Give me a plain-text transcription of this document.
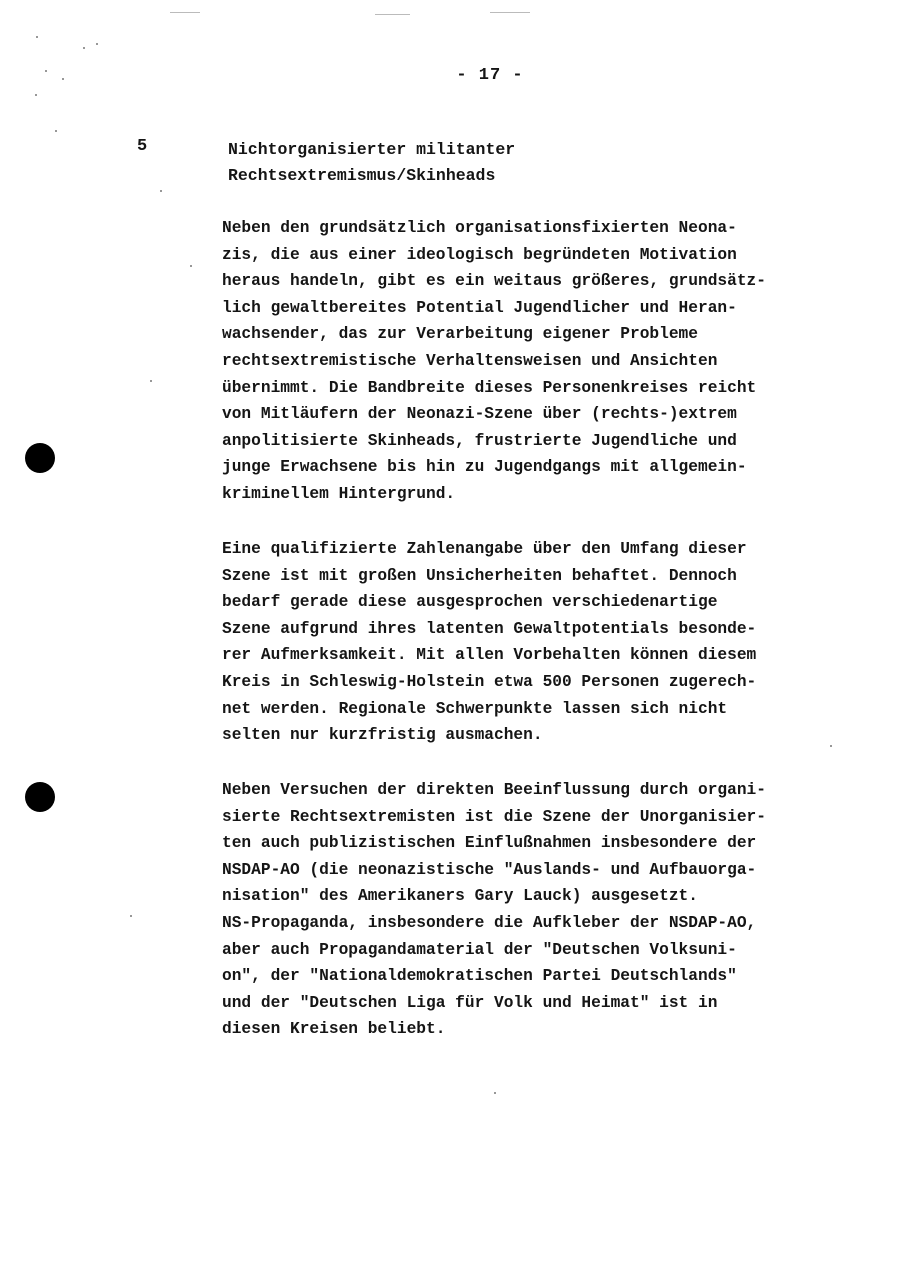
- 17 -
5	Nichtorganisierter militanter
Rechtsextremismus/Skinheads
Neben den grundsätzlich organisationsfixierten Neona-
zis, die aus einer ideologisch begründeten Motivation
heraus handeln, gibt es ein weitaus größeres, grundsätz-
lich gewaltbereites Potential Jugendlicher und Heran-
wachsender, das zur Verarbeitung eigener Probleme
rechtsextremistische Verhaltensweisen und Ansichten
übernimmt. Die Bandbreite dieses Personenkreises reicht
von Mitläufern der Neonazi-Szene über (rechts-)extrem
anpolitisierte Skinheads, frustrierte Jugendliche und
junge Erwachsene bis hin zu Jugendgangs mit allgemein-
kriminellem Hintergrund.
Eine qualifizierte Zahlenangabe über den Umfang dieser
Szene ist mit großen Unsicherheiten behaftet. Dennoch
bedarf gerade diese ausgesprochen verschiedenartige
Szene aufgrund ihres latenten Gewaltpotentials besonde-
rer Aufmerksamkeit. Mit allen Vorbehalten können diesem
Kreis in Schleswig-Holstein etwa 500 Personen zugerech-
net werden. Regionale Schwerpunkte lassen sich nicht
selten nur kurzfristig ausmachen.
Neben Versuchen der direkten Beeinflussung durch organi-
sierte Rechtsextremisten ist die Szene der Unorganisier-
ten auch publizistischen Einflußnahmen insbesondere der
NSDAP-AO (die neonazistische "Auslands- und Aufbauorga-
nisation" des Amerikaners Gary Lauck) ausgesetzt.
NS-Propaganda, insbesondere die Aufkleber der NSDAP-AO,
aber auch Propagandamaterial der "Deutschen Volksuni-
on", der "Nationaldemokratischen Partei Deutschlands"
und der "Deutschen Liga für Volk und Heimat" ist in
diesen Kreisen beliebt.
